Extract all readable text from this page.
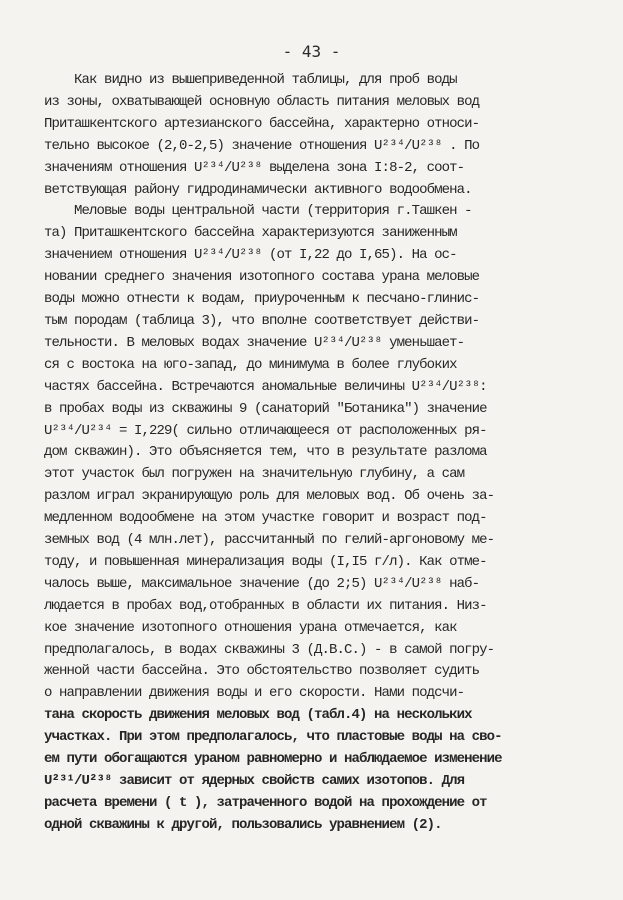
- 43 -
Как видно из вышеприведенной таблицы, для проб воды
из зоны, охватывающей основную область питания меловых вод
Приташкентского артезианского бассейна, характерно относи-
тельно высокое (2,0-2,5) значение отношения U²³⁴/U²³⁸ . По
значениям отношения U²³⁴/U²³⁸ выделена зона I:8-2, соот-
ветствующая району гидродинамически активного водообмена.
Меловые воды центральной части (территория г.Ташкен -
та) Приташкентского бассейна характеризуются заниженным
значением отношения U²³⁴/U²³⁸ (от I,22 до I,65). На ос-
новании среднего значения изотопного состава урана меловые
воды можно отнести к водам, приуроченным к песчано-глинис-
тым породам (таблица 3), что вполне соответствует действи-
тельности. В меловых водах значение U²³⁴/U²³⁸ уменьшает-
ся с востока на юго-запад, до минимума в более глубоких
частях бассейна. Встречаются аномальные величины U²³⁴/U²³⁸:
в пробах воды из скважины 9 (санаторий "Ботаника") значение
U²³⁴/U²³⁴ = I,229( сильно отличающееся от расположенных ря-
дом скважин). Это объясняется тем, что в результате разлома
этот участок был погружен на значительную глубину, а сам
разлом играл экранирующую роль для меловых вод. Об очень за-
медленном водообмене на этом участке говорит и возраст под-
земных вод (4 млн.лет), рассчитанный по гелий-аргоновому ме-
тоду, и повышенная минерализация воды (I,I5 г/л). Как отме-
чалось выше, максимальное значение (до 2;5) U²³⁴/U²³⁸ наб-
людается в пробах вод,отобранных в области их питания. Низ-
кое значение изотопного отношения урана отмечается, как
предполагалось, в водах скважины 3 (Д.В.С.) - в самой погру-
женной части бассейна. Это обстоятельство позволяет судить
о направлении движения воды и его скорости. Нами подсчи-
тана скорость движения меловых вод (табл.4) на нескольких
участках. При этом предполагалось, что пластовые воды на сво-
ем пути обогащаются ураном равномерно и наблюдаемое изменение
U²³¹/U²³⁸ зависит от ядерных свойств самих изотопов. Для
расчета времени ( t ), затраченного водой на прохождение от
одной скважины к другой, пользовались уравнением (2).
